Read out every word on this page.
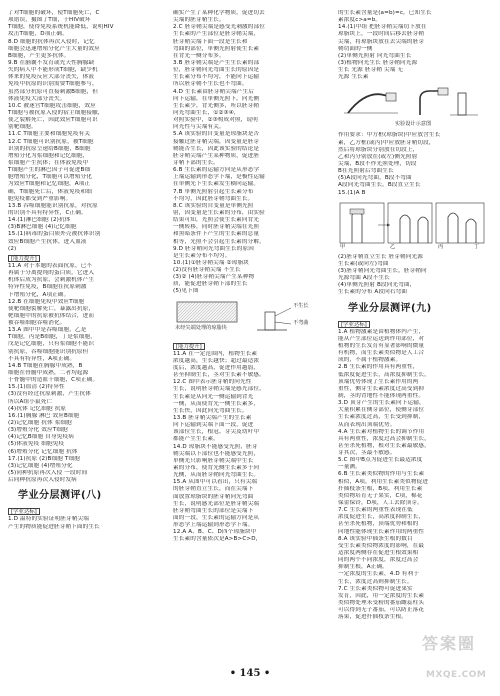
了对T细胞的破坏，使T细胞死亡，C
项错误，摄图了T细，于HIV破坏
T细胞，使得免疫系统机能降低，说明HIV
攻击T细胞，D项正确。
8.D 细胞的抗体再次入侵时，记忆
细胞会迅速增殖分化产生大量的效应
B细胞，产生更多抗体。
9.B 在脑囊不发育或先天性胸腺缺
失的病人中不能形成T细胞，缺少机
体来的免疫反应大部分丧失，体液
免疫中抗原的识别需要T细胞参与，
虽然部分抗原可直接刺激B细胞，但
体液免疫大部分丧失。
10.C 被迷宫T细胞攻击细胞，效应
T细胞与被抗原入侵的宿主细胞接触，
使之裂解死亡，因此效应T细胞可识
别靶细胞。
11.C T细胞主要和细胞免疫有关
12.C T细胞可识别抗原，被T细胞
识别的抗原呈递给B细胞，B细胞
增殖分化为浆细胞和记忆细胞，
浆细胞产生抗体；在体液免疫中
T细胞产生的淋巴因子可促进B细
胞增殖分化，T细胞可以增殖分化
为效应T细胞和记忆细胞，A项正
确，T细胞死亡后，体液免疫和细
胞免疫都受到严重影响。
13.B 吞噬细胞能识别抗原，对抗原
的识别不具有特异性，C正确。
14.(1)淋巴细胞 (2)抗体
(3)B淋巴细胞 (4)记忆细胞
15.(1)病毒的蛋白质外壳被抗体识别
效应B细胞产生抗体，进入血液
(2)
[能力提升]
11.A 对于本题的表面抗原，已不
再属于分离提纯的蛋白质，它进入
机体后成为抗原，会刺激机体产生
特异性免疫，B细胞在抗原刺激
下增殖分化，A项正确。
12.B 在细胞免疫中效应T细胞
使靶细胞裂解死亡，暴露出抗原，
靶细胞中的抗原被抗体结合，进而
被吞噬细胞吞噬消化。
13.A 图中甲是吞噬细胞，乙是
T细胞，丙是B细胞，丁是浆细胞，
戊是记忆细胞，只有浆细胞不能识
别抗原，吞噬细胞能识别抗原但
不具有特异性，A项正确。
14.B T细胞在胸腺中成熟，B
细胞在骨髓中成熟，二者均起源
于骨髓中的造血干细胞，C项正确。
15.(1)血清 (2)特异性
(3)没有经过抗原刺激，产生抗体
所以A组小鼠死亡
(4)抗体 记忆细胞 抗原
16.(1)胸腺 淋巴 效应B细胞
(2)记忆细胞 抗体 浆细胞
(3)增殖分化 效应T细胞
(4)记忆B细胞 自身免疫病
(5)体液免疫 细胞免疫
(6)增殖分化 记忆细胞 抗体
17.(1)抗原 (2)B细胞 T细胞
(3)记忆细胞 (4)增殖分化
(5)同种抗原再次入侵 一段时间
后同种抗原再次入侵时发病
学业分层测评(八)
[学业达标]
1.D 温特的实验证明胚芽鞘尖端
产生的物质能促进胚芽鞘下面的生长
确实产生了某种化学物质，促进切去
尖端的胚芽鞘生长。
2.C 胚芽鞘尖端是感受光刺激的部位
生长素的产生部位是胚芽鞘尖端，
胚芽鞘尖端下面一段是生长和
弯曲的部位，单侧光照射使生长素
在背光一侧分布多。
3.B 胚芽鞘尖端是产生生长素的部
位，胚芽鞘向光弯曲生长的原因是
生长素分布不均匀，不能向下运输
所以胚芽鞘不生长也不弯曲。
4.D 生长素由胚芽鞘尖端产生后
向下运输，在单侧光照下，向光侧
生长素少，背光侧多，所以胚芽鞘
向光弯曲生长，①②③④，
对照实验中，②③构成对照，说明
向光性与尖端有关。
5.A 该实验的自变量是琼脂块是否
接触过胚芽鞘尖端，因变量是胚芽
鞘能否生长，因此该实验的结论是
胚芽鞘尖端产生某种物质，促进胚
芽鞘下部的生长。
6.B 生长素的运输方向是从形态学
上端运输到形态学下端，是极性运输
在单侧光下生长素发生横向运输。
7.B 单侧光照射引起生长素分布
不均匀，因此胚芽鞘弯曲生长。
8.C 该实验的自变量是单侧光照
射，因变量是生长素的分布，由实验
结果可知，光照会使生长素向背光
一侧转移，同时胚芽鞘尖端在光照
和黑暗条件下产生的生长素的总量
相等，光照不会引起生长素的分解。
9.D 胚芽鞘向光弯曲生长的原因
是生长素分布不均匀。
10.(1)①胚芽鞘尖端 ②琼脂块
(2)没有胚芽鞘尖端 不生长
(3)② (4)胚芽鞘尖端产生某种物
质，能促进胚芽鞘下部的生长
(5)见下图
未经尖端处理的琼脂块
不生长
不弯曲
[能力提升]
11.A 在一定范围内，植物生长素
浓度越高，生长越快；超过最适浓
度后，浓度越高，促进作用越弱，
甚至抑制生长，茎对生长素不敏感。
12.C 图中表示胚芽鞘的向光性
生长，说明胚芽鞘尖端是感光部位，
生长素是从向光一侧运输到背光
一侧，从而使背光一侧生长素多，
生长快，因此向光弯曲生长。
13.B 胚芽鞘尖端产生的生长素
向下运输到尖端下面一段，促进
该部位生长，根冠、芽尖及幼叶中
都能产生生长素。
14.D 琼脂块不能感受光照，胚芽
鞘尖端以下部位也不能感受光照，
单侧光只影响胚芽鞘尖端中生长
素的分布，使背光侧生长素多于向
光侧，从而胚芽鞘向光弯曲生长。
15.A 从图中可以看出，只有尖端
的胚芽鞘直立生长，而在尖端下
面放置琼脂块的胚芽鞘向光弯曲
生长，说明感光部位是胚芽鞘尖端
胚芽鞘弯曲生长的部位是尖端下
面的一段，生长素的运输方向是从
形态学上端运输到形态学下端。
12.A A、B、C、D四个琼脂块中
生长素的含量依次是A>B>C>D，
的生长素含量是(a=b)=c，已知生长
素浓度c>a=b。
14.(1)甲组 把胚芽鞘尖端切下放在
琼脂块上，一段时间后移去胚芽鞘
尖端，将琼脂块放在去尖端的胚芽
鞘切面的一侧
(2)单侧光照射 向光弯曲生长
(3)植物向光生长 胚芽鞘向光源
生长 光源 胚芽鞘 尖端 无
光源 生长素
实验设计示意图
作用要求：甲方框(琼脂块)中应放含生长
素，乙方框(或丙)中应放胚芽鞘切段，
然后将琼脂块分别放在切段上，
乙和丙分别放在(或左)侧光照射
尖端，B段不作光照处理，切段
B在光照射后弯曲生长
(5)A段向光弯曲，B段不弯曲
A段向光弯曲生长，B段直立生长
15.(1)A B
甲	乙	丙	丁
(2)胚芽鞘直立生长 胚芽鞘向光源
生长素(或向左)弯曲
(3)胚芽鞘向光弯曲生长，胚芽鞘向
光源弯曲 A段不生长
(4)单侧光照射 B段向光弯曲，
生长素的分布 A段向右弯曲
学业分层测评(九)
[学业达标]
1.A 植物激素是由植物体内产生，
能从产生部位运送到作用部位，对
植物的生长发育有显著影响的微量
有机物，而生长素类似物是人工合
成的，不属于植物激素。
2.B 生长素的作用具有两重性，
低浓度促进生长，高浓度抑制生长，
顶端优势体现了生长素作用的两
重性，侧芽生长素浓度过高受到抑
制，茎的背地性不能体现两重性。
3.D 顶芽产生的生长素向下运输，
大量积累在侧芽部位，使侧芽部位
生长素浓度过高，生长受到抑制，
从而表现出顶端优势。
4.A 生长素对植物生长的调节作用
具有两重性，浓度过高会抑制生长，
甚至杀死植物，根对生长素最敏感，
芽其次，茎最不敏感。
5.C 图中B点为促进生长最适浓度
一量测。
6.B 生长素类似物的作用与生长素
相似，A项，利用生长素类似物促进
扦插枝条生根，B项，利用生长素
类似物培育无子果实，C项，棉花
保蕾保铃，D项，人工去除顶芽。
7.C 生长素的两重性表现在低
浓度促进生长，高浓度抑制生长，
甚至杀死植物，顶端优势和根的
向地性能体现生长素作用的两重性
8.A 该实验中插条生根的数目
受生长素类似物浓度的影响，在最
适浓度两侧存在促进生根效果相
同的两个不同浓度，浓度过高会
抑制生根，A正确。
一定浓度的生长素，4.D 有利于
生长，浓度过高则抑制生长。
7.C 生长素类似物可促进果实
发育，因此，用一定浓度的生长素
类似物处理未受粉的番茄雌蕊柱头
可以得到无子番茄，可以防止落花
落果，促进扦插枝条生根。
• 145 •
答案圈
MXQE.COM
